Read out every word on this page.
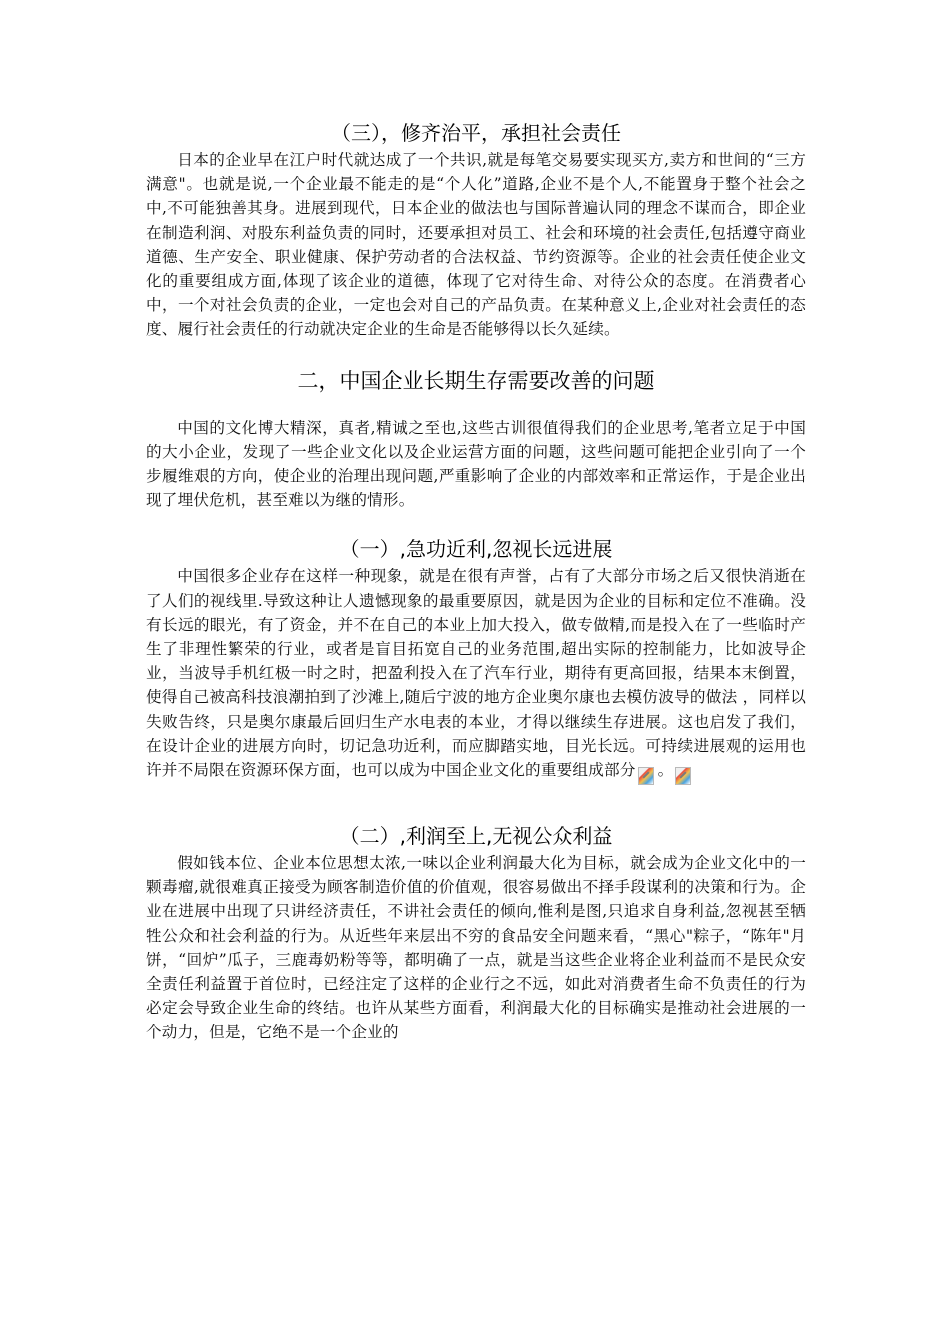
（三），修齐治平，承担社会责任

日本的企业早在江户时代就达成了一个共识,就是每笔交易要实现买方,卖方和世间的“三方满意"。也就是说,一个企业最不能走的是“个人化”道路,企业不是个人,不能置身于整个社会之中,不可能独善其身。进展到现代，日本企业的做法也与国际普遍认同的理念不谋而合，即企业在制造利润、对股东利益负责的同时，还要承担对员工、社会和环境的社会责任,包括遵守商业道德、生产安全、职业健康、保护劳动者的合法权益、节约资源等。企业的社会责任使企业文化的重要组成方面,体现了该企业的道德，体现了它对待生命、对待公众的态度。在消费者心中，一个对社会负责的企业，一定也会对自己的产品负责。在某种意义上,企业对社会责任的态度、履行社会责任的行动就决定企业的生命是否能够得以长久延续。

二，中国企业长期生存需要改善的问题

中国的文化博大精深，真者,精诚之至也,这些古训很值得我们的企业思考,笔者立足于中国的大小企业，发现了一些企业文化以及企业运营方面的问题，这些问题可能把企业引向了一个步履维艰的方向，使企业的治理出现问题,严重影响了企业的内部效率和正常运作，于是企业出现了埋伏危机，甚至难以为继的情形。

（一）,急功近利,忽视长远进展

中国很多企业存在这样一种现象，就是在很有声誉，占有了大部分市场之后又很快消逝在了人们的视线里.导致这种让人遗憾现象的最重要原因，就是因为企业的目标和定位不准确。没有长远的眼光，有了资金，并不在自己的本业上加大投入，做专做精,而是投入在了一些临时产生了非理性繁荣的行业，或者是盲目拓宽自己的业务范围,超出实际的控制能力，比如波导企业，当波导手机红极一时之时，把盈利投入在了汽车行业，期待有更高回报，结果本末倒置，使得自己被高科技浪潮拍到了沙滩上,随后宁波的地方企业奥尔康也去模仿波导的做法 ，同样以失败告终，只是奥尔康最后回归生产水电表的本业，才得以继续生存进展。这也启发了我们，在设计企业的进展方向时，切记急功近利，而应脚踏实地，目光长远。可持续进展观的运用也许并不局限在资源环保方面，也可以成为中国企业文化的重要组成部分 。

（二）,利润至上,无视公众利益

假如钱本位、企业本位思想太浓,一味以企业利润最大化为目标，就会成为企业文化中的一颗毒瘤,就很难真正接受为顾客制造价值的价值观，很容易做出不择手段谋利的决策和行为。企业在进展中出现了只讲经济责任，不讲社会责任的倾向,惟利是图,只追求自身利益,忽视甚至牺牲公众和社会利益的行为。从近些年来层出不穷的食品安全问题来看，“黑心"粽子，“陈年"月饼，“回炉”瓜子，三鹿毒奶粉等等，都明确了一点，就是当这些企业将企业利益而不是民众安全责任利益置于首位时，已经注定了这样的企业行之不远，如此对消费者生命不负责任的行为必定会导致企业生命的终结。也许从某些方面看，利润最大化的目标确实是推动社会进展的一个动力，但是，它绝不是一个企业的
